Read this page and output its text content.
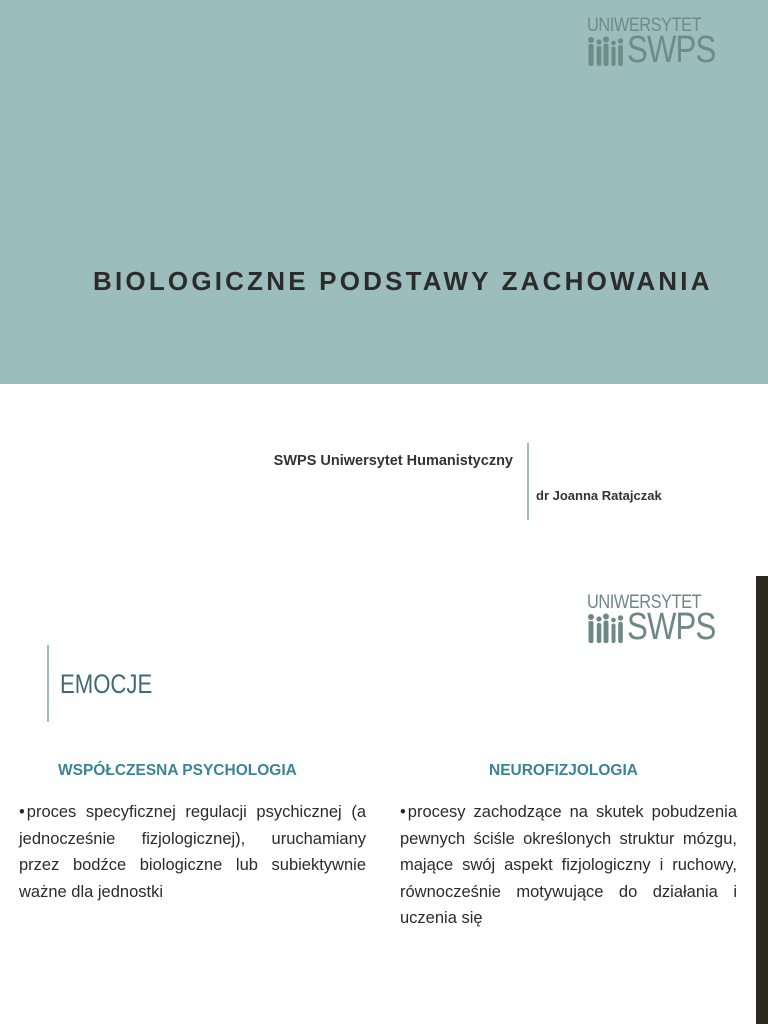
UNIWERSYTET
SWPS
BIOLOGICZNE PODSTAWY ZACHOWANIA
SWPS Uniwersytet Humanistyczny
dr Joanna Ratajczak
UNIWERSYTET
SWPS
EMOCJE
WSPÓŁCZESNA PSYCHOLOGIA
• proces specyficznej regulacji psychicznej (a jednocześnie fizjologicznej), uruchamiany przez bodźce biologiczne lub subiektywnie ważne dla jednostki
NEUROFIZJOLOGIA
• procesy zachodzące na skutek pobudzenia pewnych ściśle określonych struktur mózgu, mające swój aspekt fizjologiczny i ruchowy, równocześnie motywujące do działania i uczenia się
